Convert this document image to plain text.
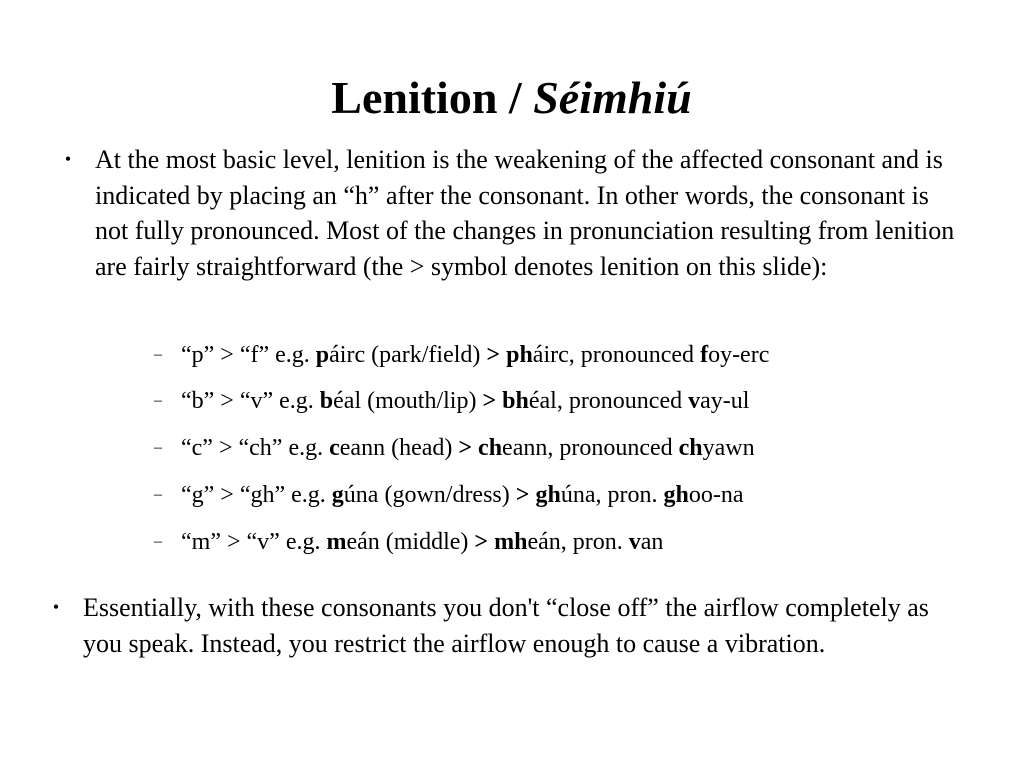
Lenition / Séimhiú
• At the most basic level, lenition is the weakening of the affected consonant and is indicated by placing an “h” after the consonant. In other words, the consonant is not fully pronounced. Most of the changes in pronunciation resulting from lenition are fairly straightforward (the > symbol denotes lenition on this slide):
– “p” > “f” e.g. páirc (park/field) > pháirc, pronounced foy-erc
– “b” > “v” e.g. béal (mouth/lip) > bhéal, pronounced vay-ul
– “c” > “ch” e.g. ceann (head) > cheann, pronounced chyawn
– “g” > “gh” e.g. gúna (gown/dress) > ghúna, pron. ghoo-na
– “m” > “v” e.g. meán (middle) > mheán, pron. van
• Essentially, with these consonants you don't “close off” the airflow completely as you speak. Instead, you restrict the airflow enough to cause a vibration.
